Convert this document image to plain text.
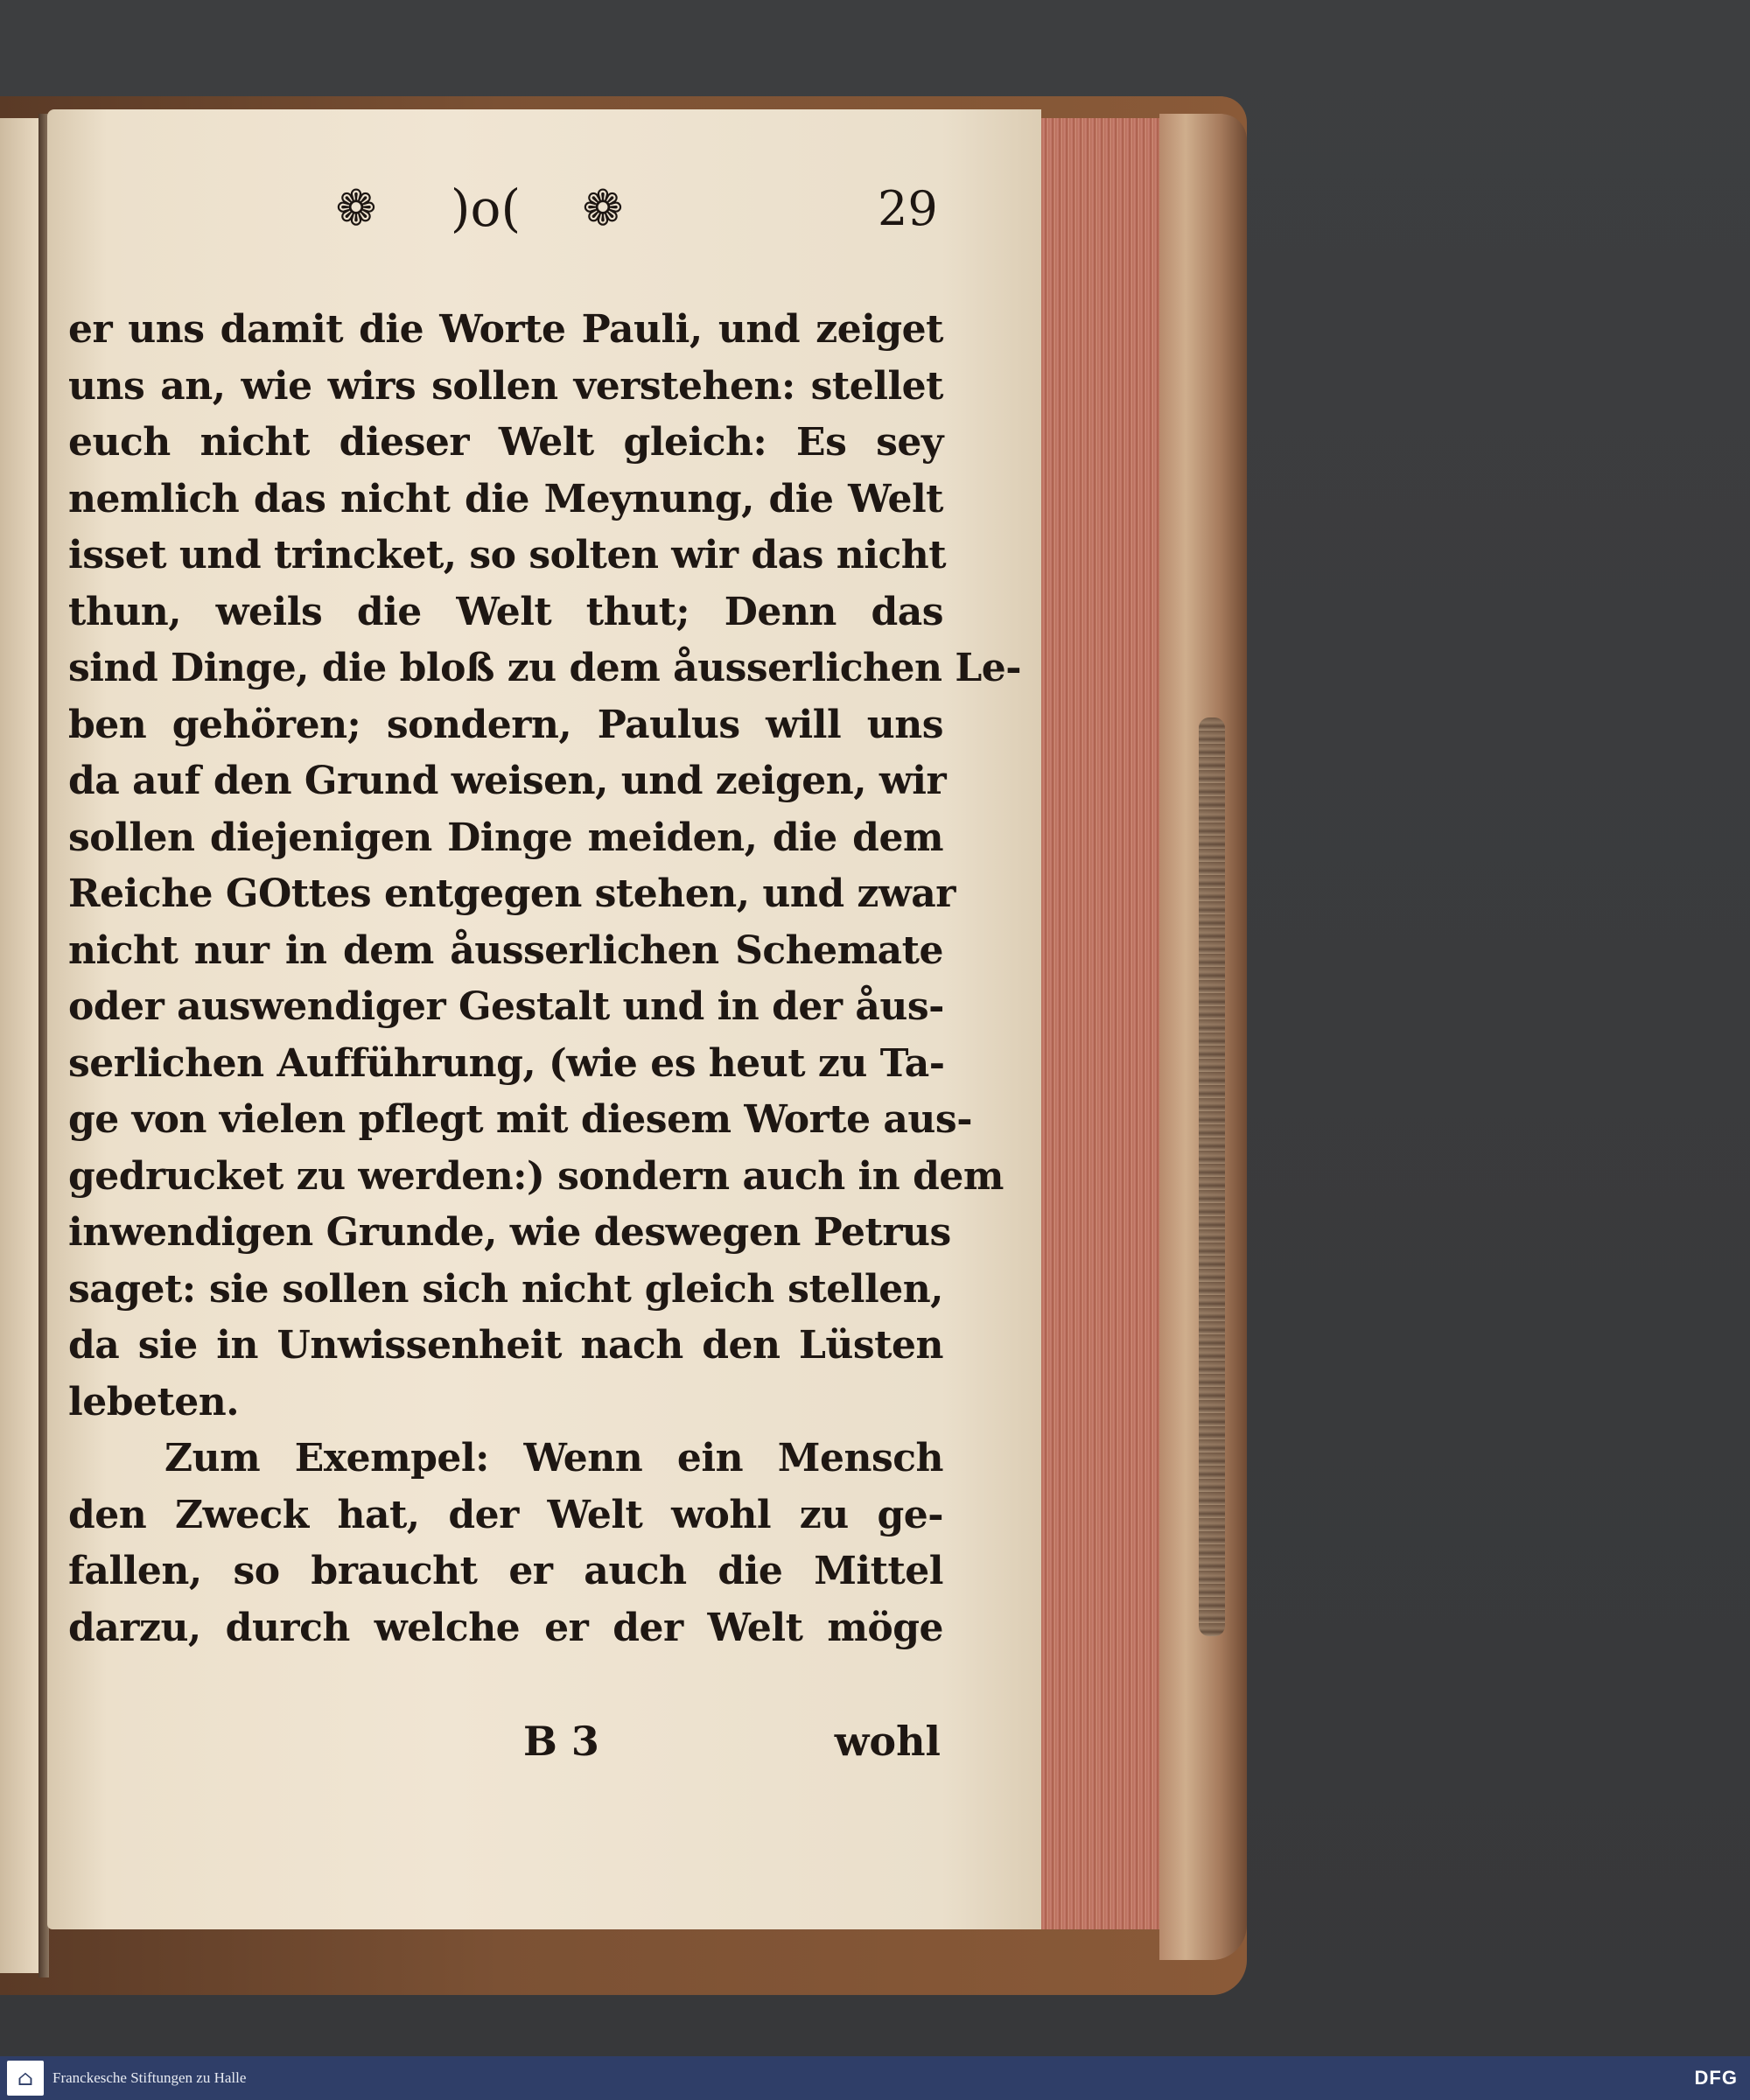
❁ )o( ❁	29
er uns damit die Worte Pauli, und zeiget
uns an, wie wirs sollen verstehen: stellet
euch nicht dieser Welt gleich: Es sey
nemlich das nicht die Meynung, die Welt
isset und trincket, so solten wir das nicht
thun, weils die Welt thut; Denn das
sind Dinge, die bloß zu dem åusserlichen Le-
ben gehören; sondern, Paulus will uns
da auf den Grund weisen, und zeigen, wir
sollen diejenigen Dinge meiden, die dem
Reiche GOttes entgegen stehen, und zwar
nicht nur in dem åusserlichen Schemate
oder auswendiger Gestalt und in der åus-
serlichen Aufführung, (wie es heut zu Ta-
ge von vielen pflegt mit diesem Worte aus-
gedrucket zu werden:) sondern auch in dem
inwendigen Grunde, wie deswegen Petrus
saget: sie sollen sich nicht gleich stellen,
da sie in Unwissenheit nach den Lüsten
lebeten.
Zum Exempel: Wenn ein Mensch
den Zweck hat, der Welt wohl zu ge-
fallen, so braucht er auch die Mittel
darzu, durch welche er der Welt möge
B 3	wohl
⌂	Franckesche Stiftungen zu Halle	DFG
